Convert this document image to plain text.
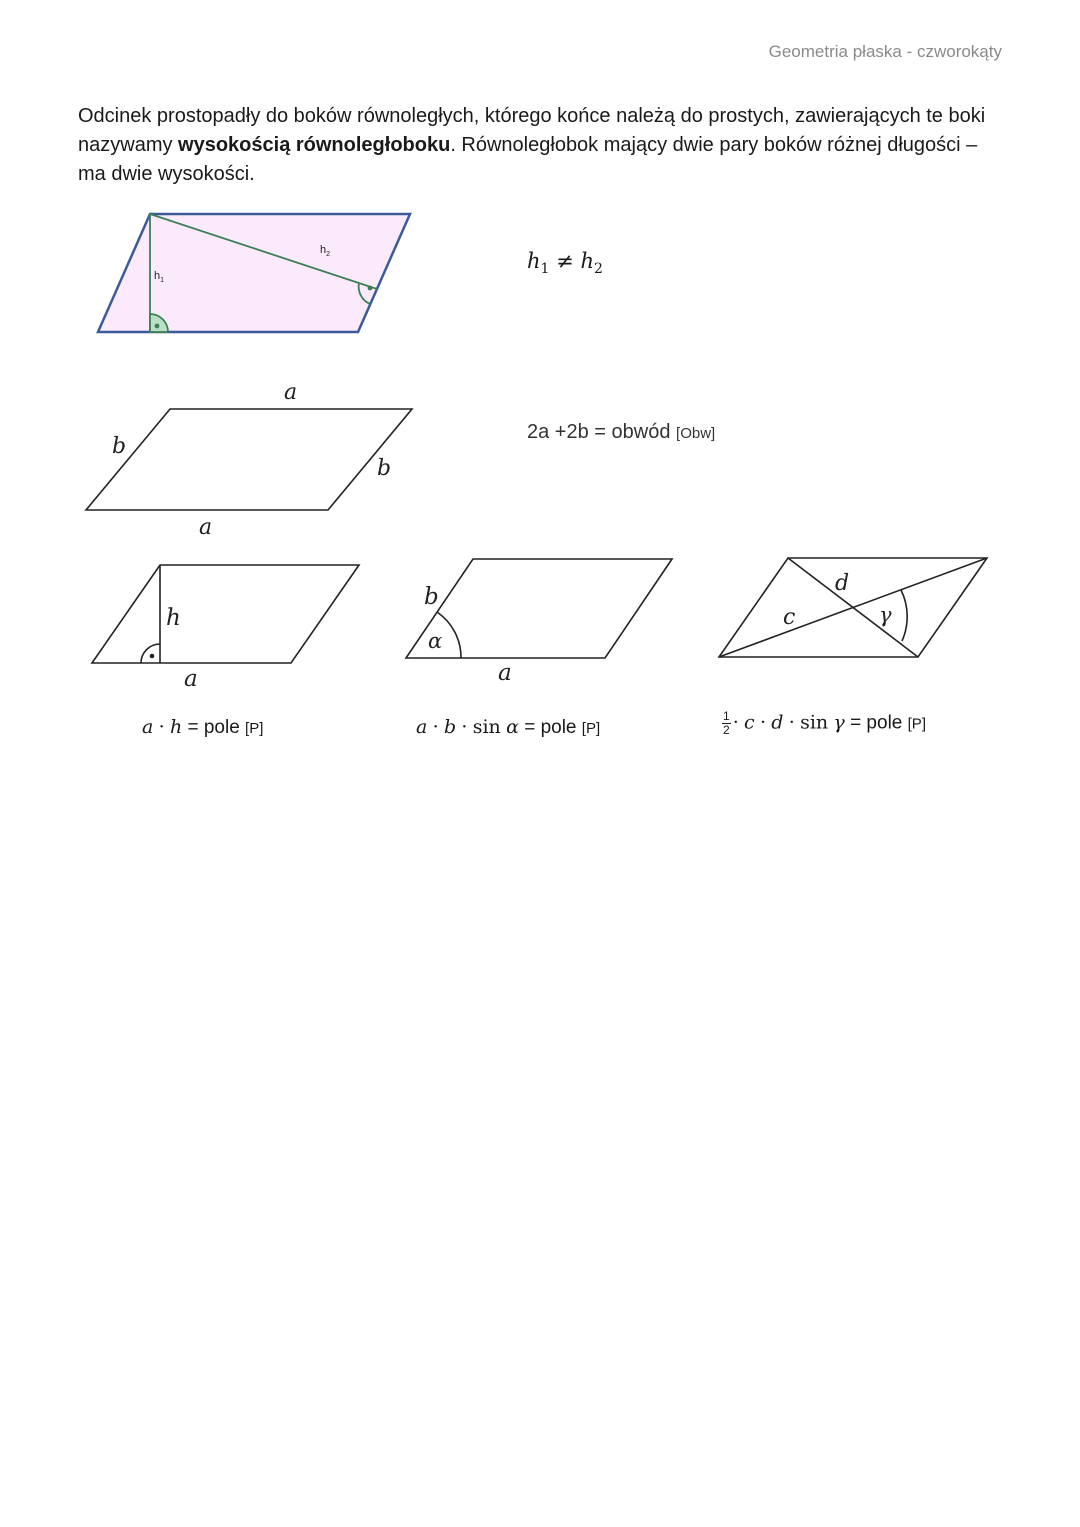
Geometria płaska - czworokąty
Odcinek prostopadły do boków równoległych, którego końce należą do prostych, zawierających te boki nazywamy wysokością równoległoboku. Równoległobok mający dwie pary boków różnej długości – ma dwie wysokości.
$h_1$
$h_2$	$h_1 \ne h_2$
a
a
b
b
2a +2b = obwód [Obw]
h
a
b
α
a
c
d
γ
a · h = pole [P]	a · b · sin α = pole [P]	$\frac{1}{2} \cdot c \cdot d \cdot \sin \gamma$ = pole [P]
